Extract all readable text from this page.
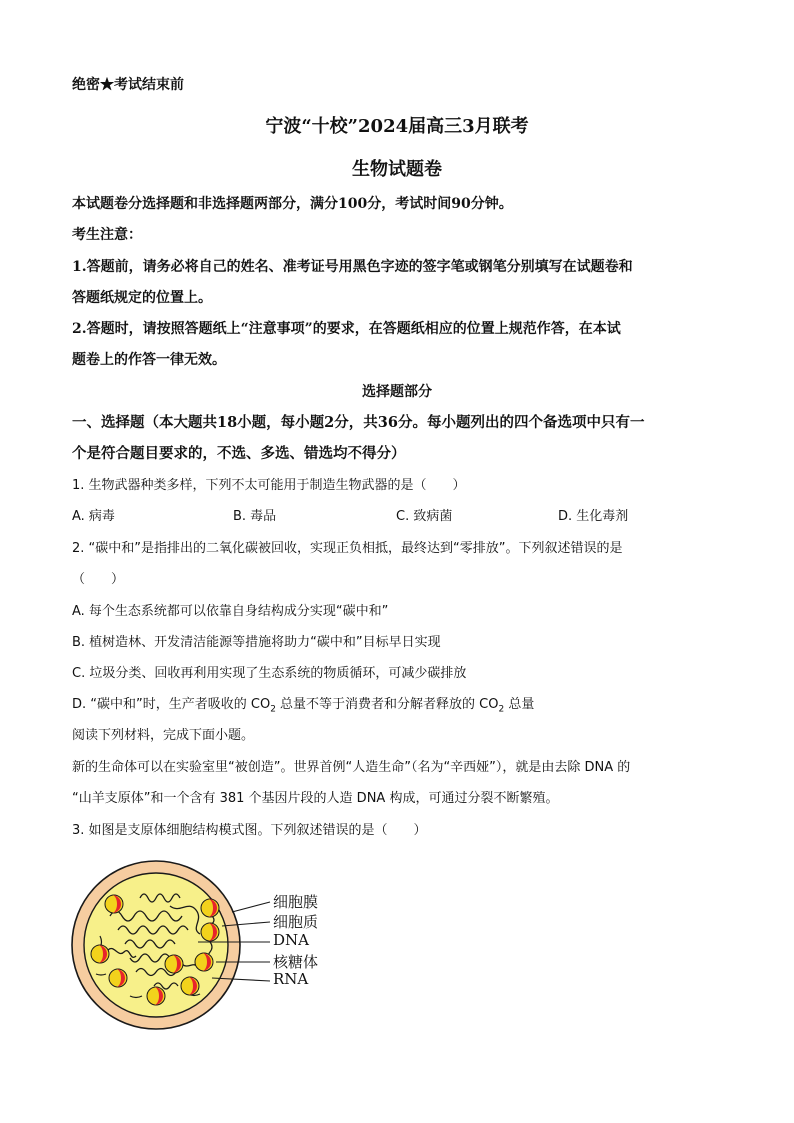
绝密★考试结束前
宁波“十校”2024届高三3月联考
生物试题卷
本试题卷分选择题和非选择题两部分，满分100分，考试时间90分钟。
考生注意：
1.答题前，请务必将自己的姓名、准考证号用黑色字迹的签字笔或钢笔分别填写在试题卷和
答题纸规定的位置上。
2.答题时，请按照答题纸上“注意事项”的要求，在答题纸相应的位置上规范作答，在本试
题卷上的作答一律无效。
选择题部分
一、选择题（本大题共18小题，每小题2分，共36分。每小题列出的四个备选项中只有一
个是符合题目要求的，不选、多选、错选均不得分）
1. 生物武器种类多样，下列不太可能用于制造生物武器的是（　　）
A. 病毒	B. 毒品	C. 致病菌	D. 生化毒剂
2. “碳中和”是指排出的二氧化碳被回收，实现正负相抵，最终达到“零排放”。下列叙述错误的是
（　　）
A. 每个生态系统都可以依靠自身结构成分实现“碳中和”
B. 植树造林、开发清洁能源等措施将助力“碳中和”目标早日实现
C. 垃圾分类、回收再利用实现了生态系统的物质循环，可减少碳排放
D. “碳中和”时，生产者吸收的 $CO_2$ 总量不等于消费者和分解者释放的 $CO_2$ 总量
阅读下列材料，完成下面小题。
新的生命体可以在实验室里“被创造”。世界首例“人造生命”（名为“辛西娅”），就是由去除 DNA 的
“山羊支原体”和一个含有 381 个基因片段的人造 DNA 构成，可通过分裂不断繁殖。
3. 如图是支原体细胞结构模式图。下列叙述错误的是（　　）
细胞膜
细胞质
DNA
核糖体
RNA
